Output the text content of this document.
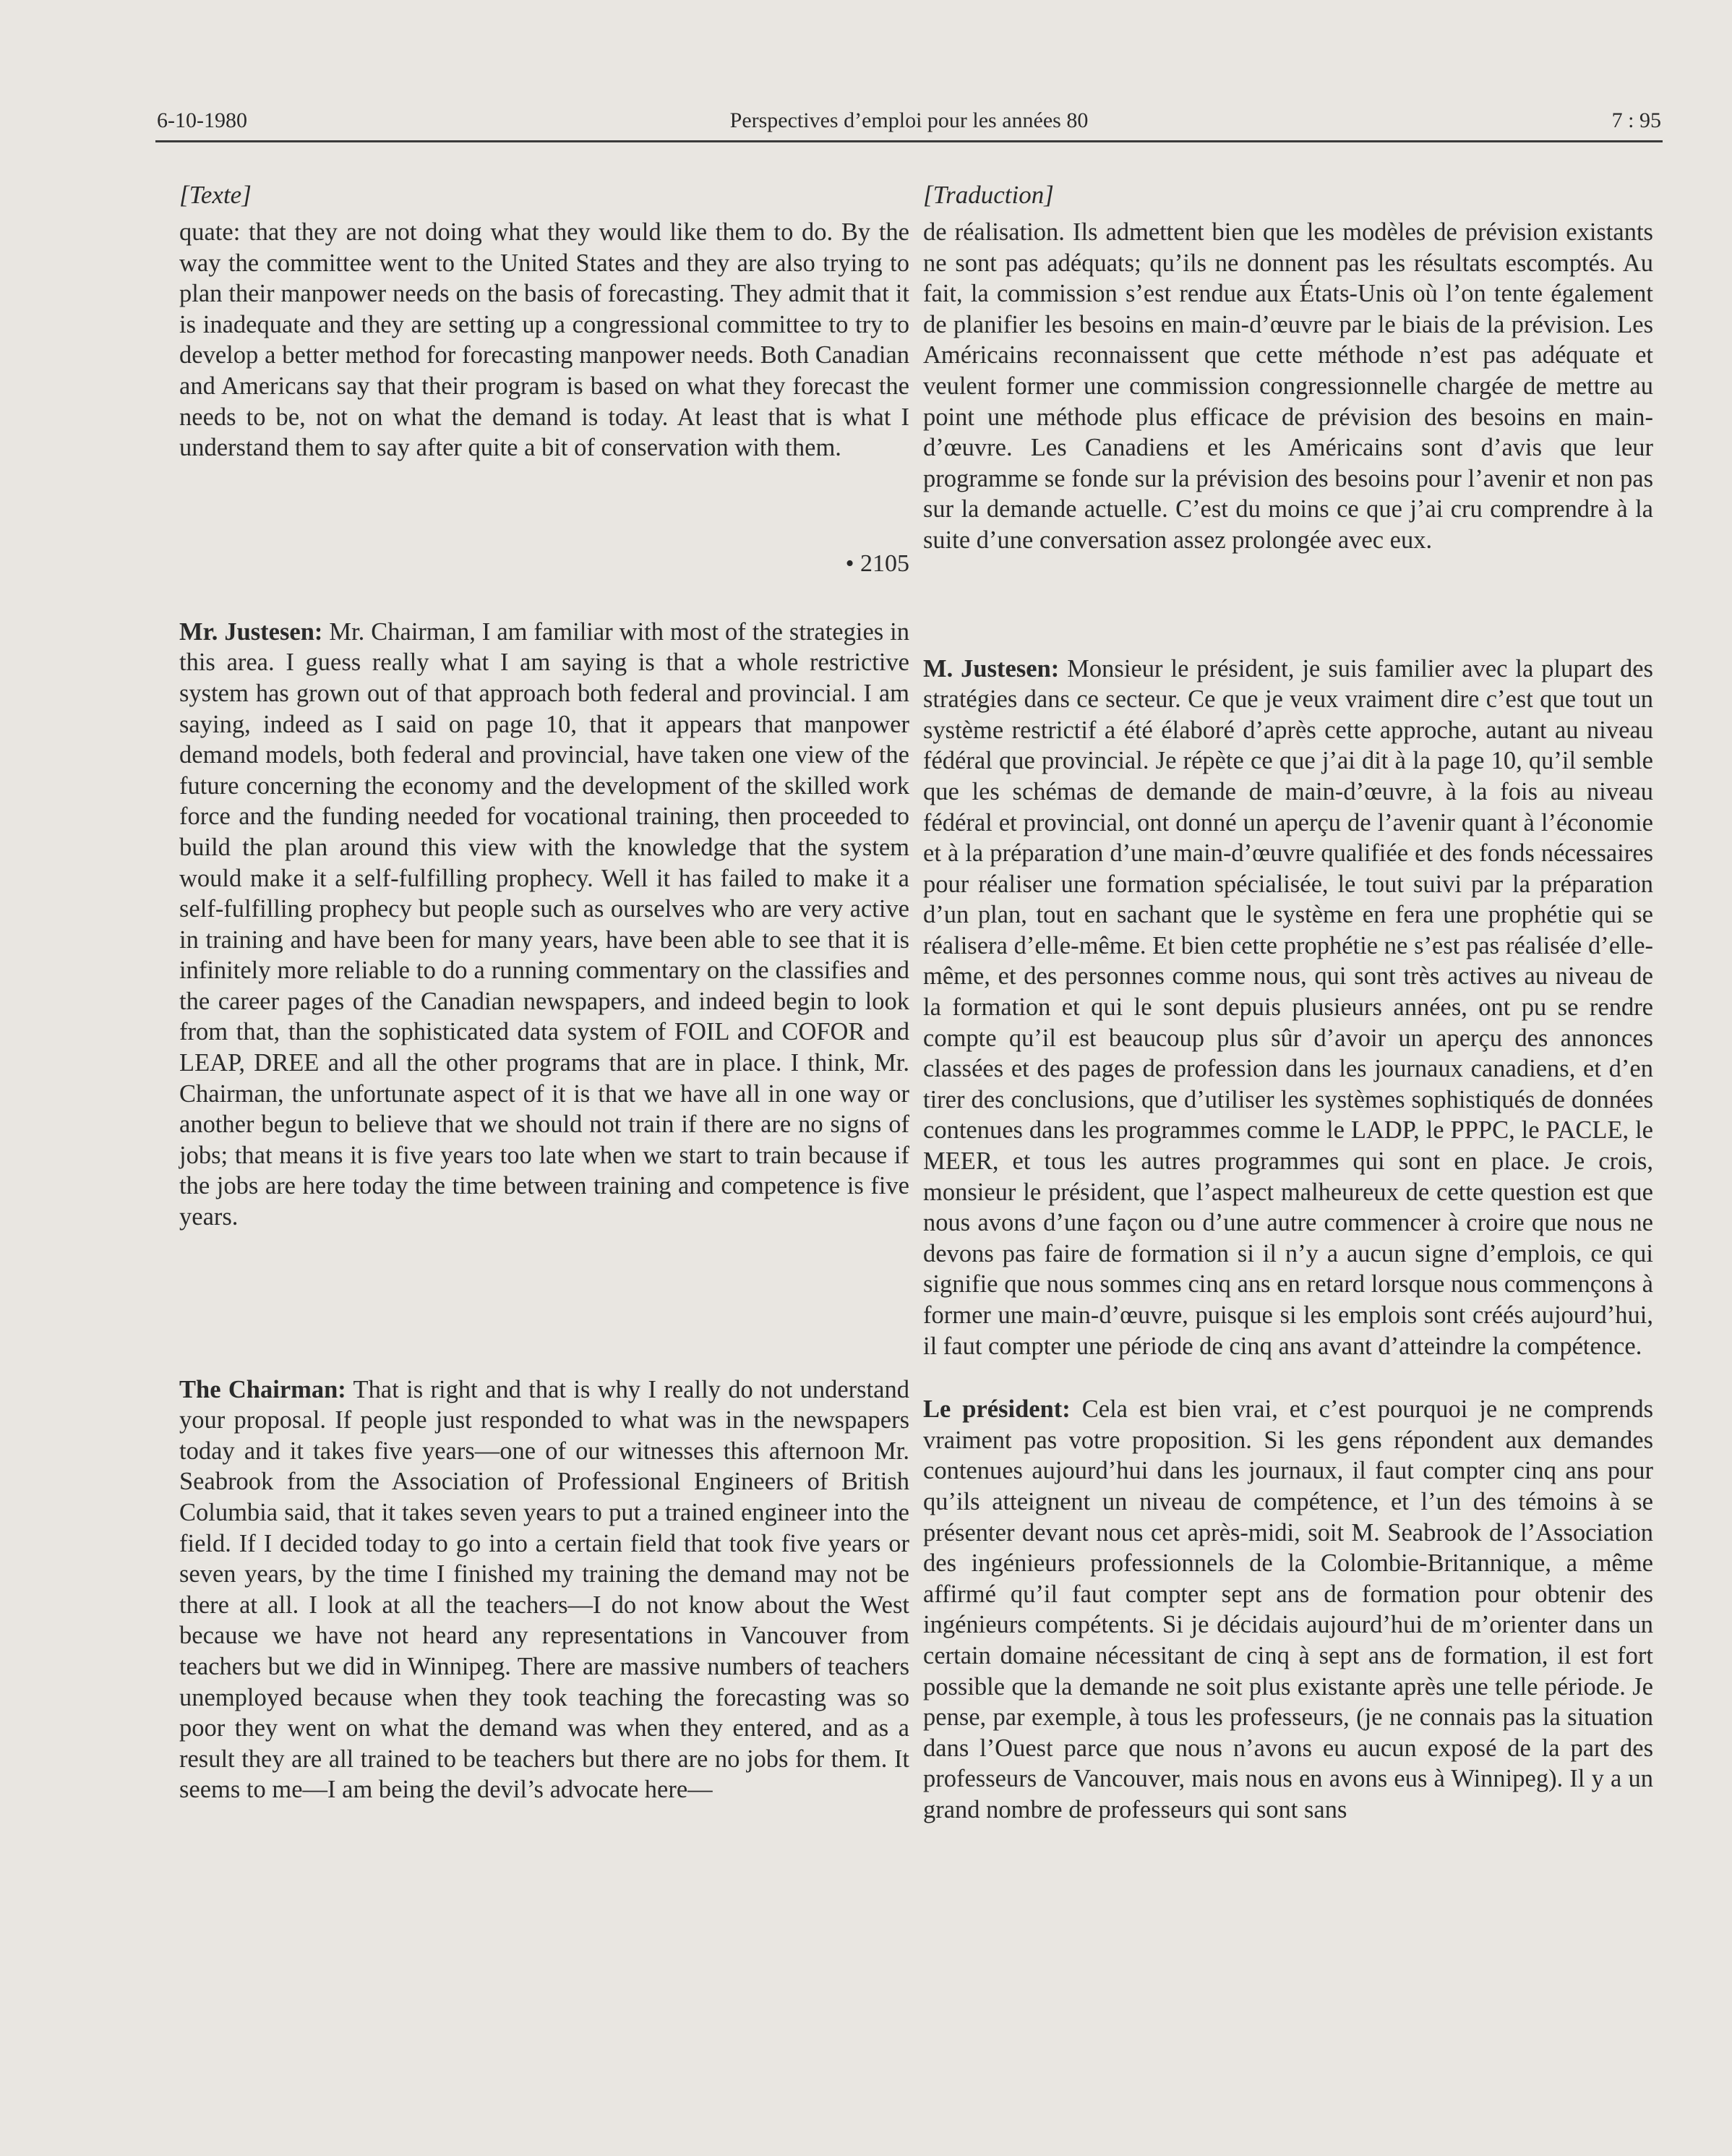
6-10-1980	Perspectives d’emploi pour les années 80	7 : 95
[Texte]

quate: that they are not doing what they would like them to do. By the way the committee went to the United States and they are also trying to plan their manpower needs on the basis of forecasting. They admit that it is inadequate and they are setting up a congressional committee to try to develop a better method for forecasting manpower needs. Both Canadian and Americans say that their program is based on what they forecast the needs to be, not on what the demand is today. At least that is what I understand them to say after quite a bit of conservation with them.

• 2105

Mr. Justesen: Mr. Chairman, I am familiar with most of the strategies in this area. I guess really what I am saying is that a whole restrictive system has grown out of that approach both federal and provincial. I am saying, indeed as I said on page 10, that it appears that manpower demand models, both federal and provincial, have taken one view of the future concerning the economy and the development of the skilled work force and the funding needed for vocational training, then proceeded to build the plan around this view with the knowledge that the system would make it a self-fulfilling prophecy. Well it has failed to make it a self-fulfilling prophecy but people such as ourselves who are very active in training and have been for many years, have been able to see that it is infinitely more reliable to do a running commentary on the classifies and the career pages of the Canadian newspapers, and indeed begin to look from that, than the sophisticated data system of FOIL and COFOR and LEAP, DREE and all the other programs that are in place. I think, Mr. Chairman, the unfortunate aspect of it is that we have all in one way or another begun to believe that we should not train if there are no signs of jobs; that means it is five years too late when we start to train because if the jobs are here today the time between training and competence is five years.

The Chairman: That is right and that is why I really do not understand your proposal. If people just responded to what was in the newspapers today and it takes five years—one of our witnesses this afternoon Mr. Seabrook from the Association of Professional Engineers of British Columbia said, that it takes seven years to put a trained engineer into the field. If I decided today to go into a certain field that took five years or seven years, by the time I finished my training the demand may not be there at all. I look at all the teachers—I do not know about the West because we have not heard any representations in Vancouver from teachers but we did in Winnipeg. There are massive numbers of teachers unemployed because when they took teaching the forecasting was so poor they went on what the demand was when they entered, and as a result they are all trained to be teachers but there are no jobs for them. It seems to me—I am being the devil’s advocate here—

[Traduction]

de réalisation. Ils admettent bien que les modèles de prévision existants ne sont pas adéquats; qu’ils ne donnent pas les résultats escomptés. Au fait, la commission s’est rendue aux États-Unis où l’on tente également de planifier les besoins en main-d’œuvre par le biais de la prévision. Les Américains reconnaissent que cette méthode n’est pas adéquate et veulent former une commission congressionnelle chargée de mettre au point une méthode plus efficace de prévision des besoins en main-d’œuvre. Les Canadiens et les Américains sont d’avis que leur programme se fonde sur la prévision des besoins pour l’avenir et non pas sur la demande actuelle. C’est du moins ce que j’ai cru comprendre à la suite d’une conversation assez prolongée avec eux.

M. Justesen: Monsieur le président, je suis familier avec la plupart des stratégies dans ce secteur. Ce que je veux vraiment dire c’est que tout un système restrictif a été élaboré d’après cette approche, autant au niveau fédéral que provincial. Je répète ce que j’ai dit à la page 10, qu’il semble que les schémas de demande de main-d’œuvre, à la fois au niveau fédéral et provincial, ont donné un aperçu de l’avenir quant à l’économie et à la préparation d’une main-d’œuvre qualifiée et des fonds nécessaires pour réaliser une formation spécialisée, le tout suivi par la préparation d’un plan, tout en sachant que le système en fera une prophétie qui se réalisera d’elle-même. Et bien cette prophétie ne s’est pas réalisée d’elle-même, et des personnes comme nous, qui sont très actives au niveau de la formation et qui le sont depuis plusieurs années, ont pu se rendre compte qu’il est beaucoup plus sûr d’avoir un aperçu des annonces classées et des pages de profession dans les journaux canadiens, et d’en tirer des conclusions, que d’utiliser les systèmes sophistiqués de données contenues dans les programmes comme le LADP, le PPPC, le PACLE, le MEER, et tous les autres programmes qui sont en place. Je crois, monsieur le président, que l’aspect malheureux de cette question est que nous avons d’une façon ou d’une autre commencer à croire que nous ne devons pas faire de formation si il n’y a aucun signe d’emplois, ce qui signifie que nous sommes cinq ans en retard lorsque nous commençons à former une main-d’œuvre, puisque si les emplois sont créés aujourd’hui, il faut compter une période de cinq ans avant d’atteindre la compétence.

Le président: Cela est bien vrai, et c’est pourquoi je ne comprends vraiment pas votre proposition. Si les gens répondent aux demandes contenues aujourd’hui dans les journaux, il faut compter cinq ans pour qu’ils atteignent un niveau de compétence, et l’un des témoins à se présenter devant nous cet après-midi, soit M. Seabrook de l’Association des ingénieurs professionnels de la Colombie-Britannique, a même affirmé qu’il faut compter sept ans de formation pour obtenir des ingénieurs compétents. Si je décidais aujourd’hui de m’orienter dans un certain domaine nécessitant de cinq à sept ans de formation, il est fort possible que la demande ne soit plus existante après une telle période. Je pense, par exemple, à tous les professeurs, (je ne connais pas la situation dans l’Ouest parce que nous n’avons eu aucun exposé de la part des professeurs de Vancouver, mais nous en avons eus à Winnipeg). Il y a un grand nombre de professeurs qui sont sans
